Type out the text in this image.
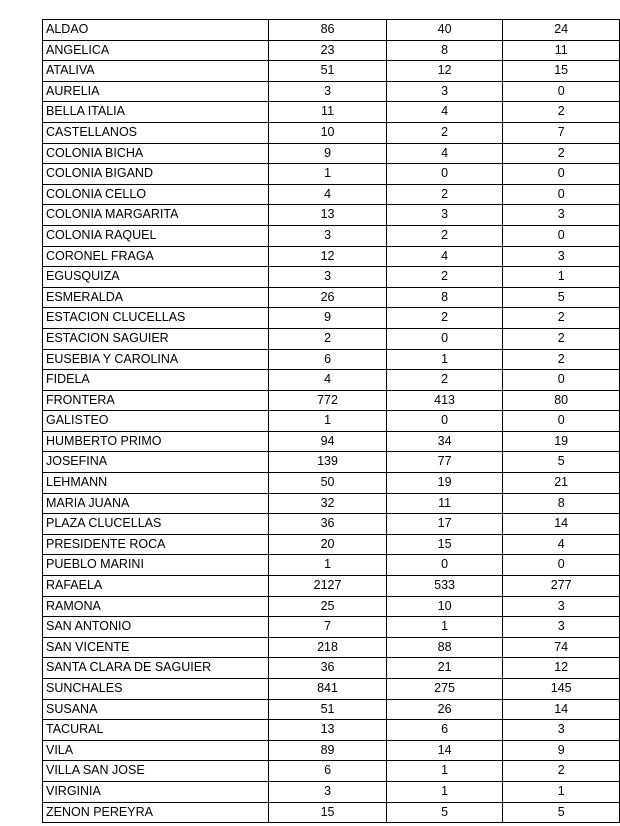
ALDAO	86	40	24
ANGELICA	23	8	11
ATALIVA	51	12	15
AURELIA	3	3	0
BELLA ITALIA	11	4	2
CASTELLANOS	10	2	7
COLONIA BICHA	9	4	2
COLONIA BIGAND	1	0	0
COLONIA CELLO	4	2	0
COLONIA MARGARITA	13	3	3
COLONIA RAQUEL	3	2	0
CORONEL FRAGA	12	4	3
EGUSQUIZA	3	2	1
ESMERALDA	26	8	5
ESTACION CLUCELLAS	9	2	2
ESTACION SAGUIER	2	0	2
EUSEBIA Y CAROLINA	6	1	2
FIDELA	4	2	0
FRONTERA	772	413	80
GALISTEO	1	0	0
HUMBERTO PRIMO	94	34	19
JOSEFINA	139	77	5
LEHMANN	50	19	21
MARIA JUANA	32	11	8
PLAZA CLUCELLAS	36	17	14
PRESIDENTE ROCA	20	15	4
PUEBLO MARINI	1	0	0
RAFAELA	2127	533	277
RAMONA	25	10	3
SAN ANTONIO	7	1	3
SAN VICENTE	218	88	74
SANTA CLARA DE SAGUIER	36	21	12
SUNCHALES	841	275	145
SUSANA	51	26	14
TACURAL	13	6	3
VILA	89	14	9
VILLA SAN JOSE	6	1	2
VIRGINIA	3	1	1
ZENON PEREYRA	15	5	5
